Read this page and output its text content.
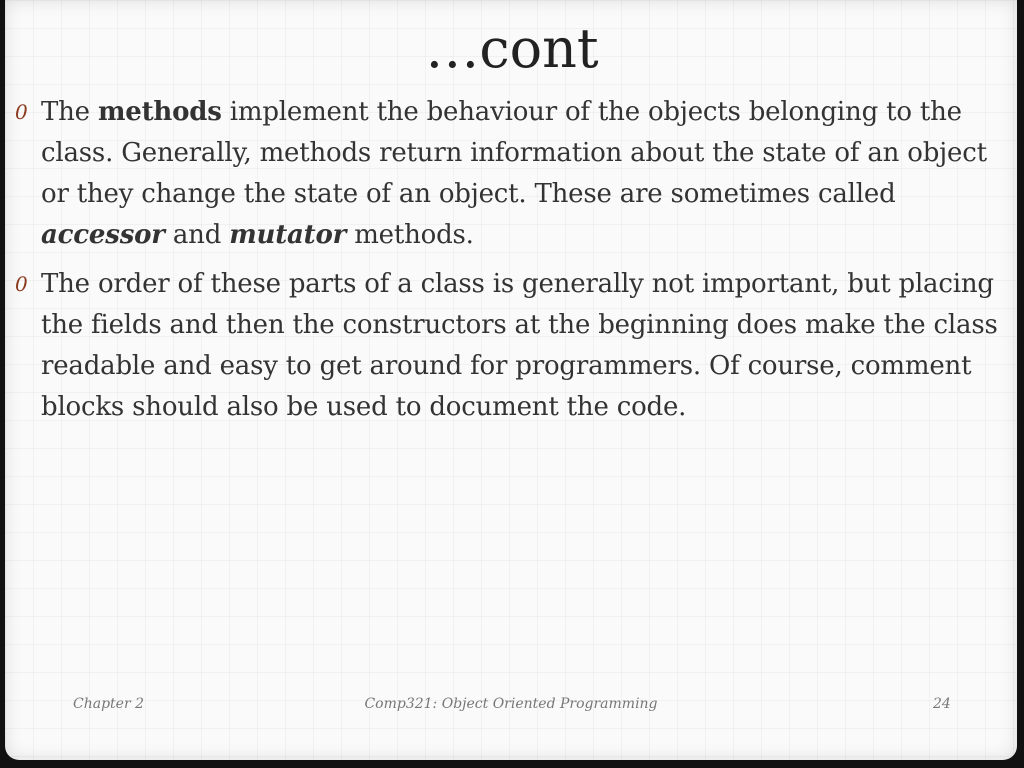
…cont
0 The methods implement the behaviour of the objects belonging to the class. Generally, methods return information about the state of an object or they change the state of an object. These are sometimes called accessor and mutator methods.
0 The order of these parts of a class is generally not important, but placing the fields and then the constructors at the beginning does make the class readable and easy to get around for programmers. Of course, comment blocks should also be used to document the code.
Chapter 2	Comp321: Object Oriented Programming	24
